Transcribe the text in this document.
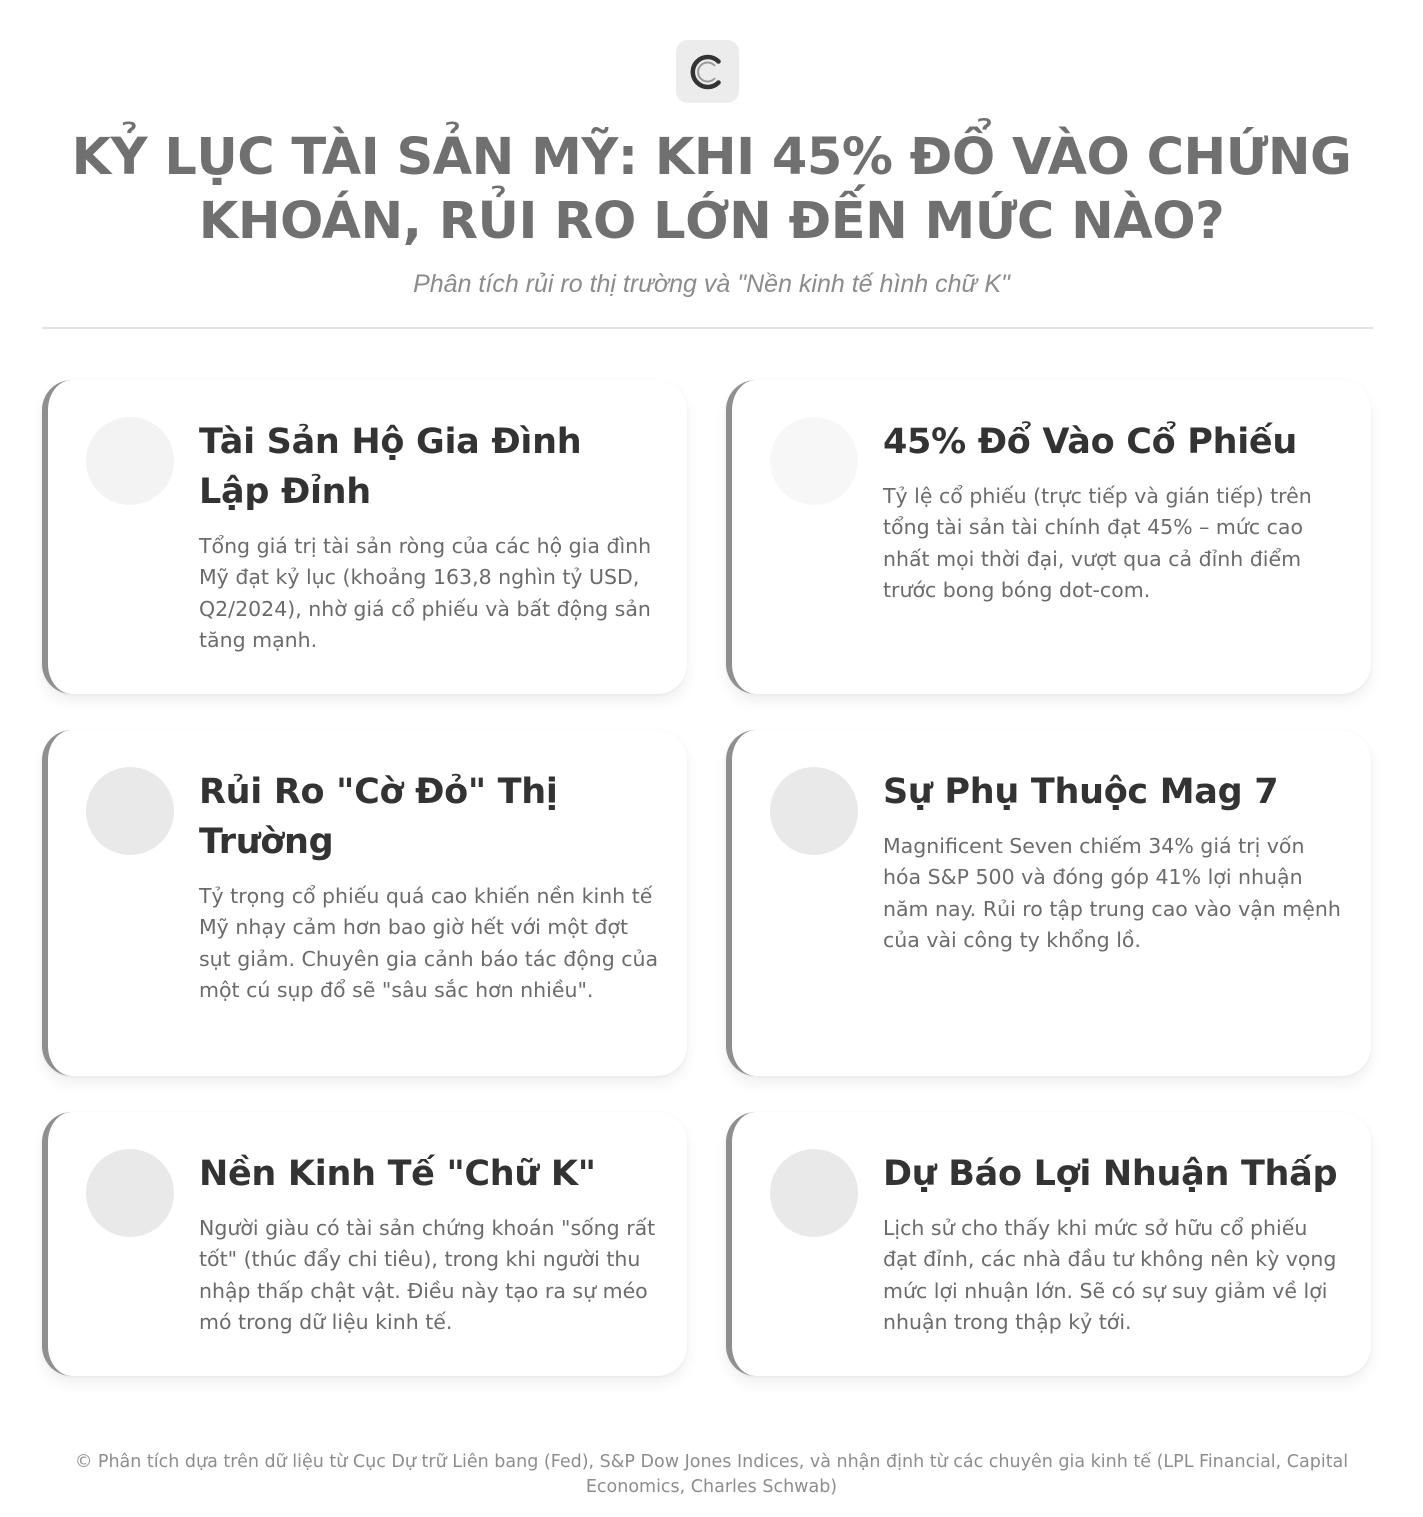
KỶ LỤC TÀI SẢN MỸ: KHI 45% ĐỔ VÀO CHỨNG KHOÁN, RỦI RO LỚN ĐẾN MỨC NÀO?

Phân tích rủi ro thị trường và "Nền kinh tế hình chữ K"

Tài Sản Hộ Gia Đình Lập Đỉnh

Tổng giá trị tài sản ròng của các hộ gia đình Mỹ đạt kỷ lục (khoảng 163,8 nghìn tỷ USD, Q2/2024), nhờ giá cổ phiếu và bất động sản tăng mạnh.

45% Đổ Vào Cổ Phiếu

Tỷ lệ cổ phiếu (trực tiếp và gián tiếp) trên tổng tài sản tài chính đạt 45% – mức cao nhất mọi thời đại, vượt qua cả đỉnh điểm trước bong bóng dot-com.

Rủi Ro "Cờ Đỏ" Thị Trường

Tỷ trọng cổ phiếu quá cao khiến nền kinh tế Mỹ nhạy cảm hơn bao giờ hết với một đợt sụt giảm. Chuyên gia cảnh báo tác động của một cú sụp đổ sẽ "sâu sắc hơn nhiều".

Sự Phụ Thuộc Mag 7

Magnificent Seven chiếm 34% giá trị vốn hóa S&P 500 và đóng góp 41% lợi nhuận năm nay. Rủi ro tập trung cao vào vận mệnh của vài công ty khổng lồ.

Nền Kinh Tế "Chữ K"

Người giàu có tài sản chứng khoán "sống rất tốt" (thúc đẩy chi tiêu), trong khi người thu nhập thấp chật vật. Điều này tạo ra sự méo mó trong dữ liệu kinh tế.

Dự Báo Lợi Nhuận Thấp

Lịch sử cho thấy khi mức sở hữu cổ phiếu đạt đỉnh, các nhà đầu tư không nên kỳ vọng mức lợi nhuận lớn. Sẽ có sự suy giảm về lợi nhuận trong thập kỷ tới.

© Phân tích dựa trên dữ liệu từ Cục Dự trữ Liên bang (Fed), S&P Dow Jones Indices, và nhận định từ các chuyên gia kinh tế (LPL Financial, Capital Economics, Charles Schwab)
